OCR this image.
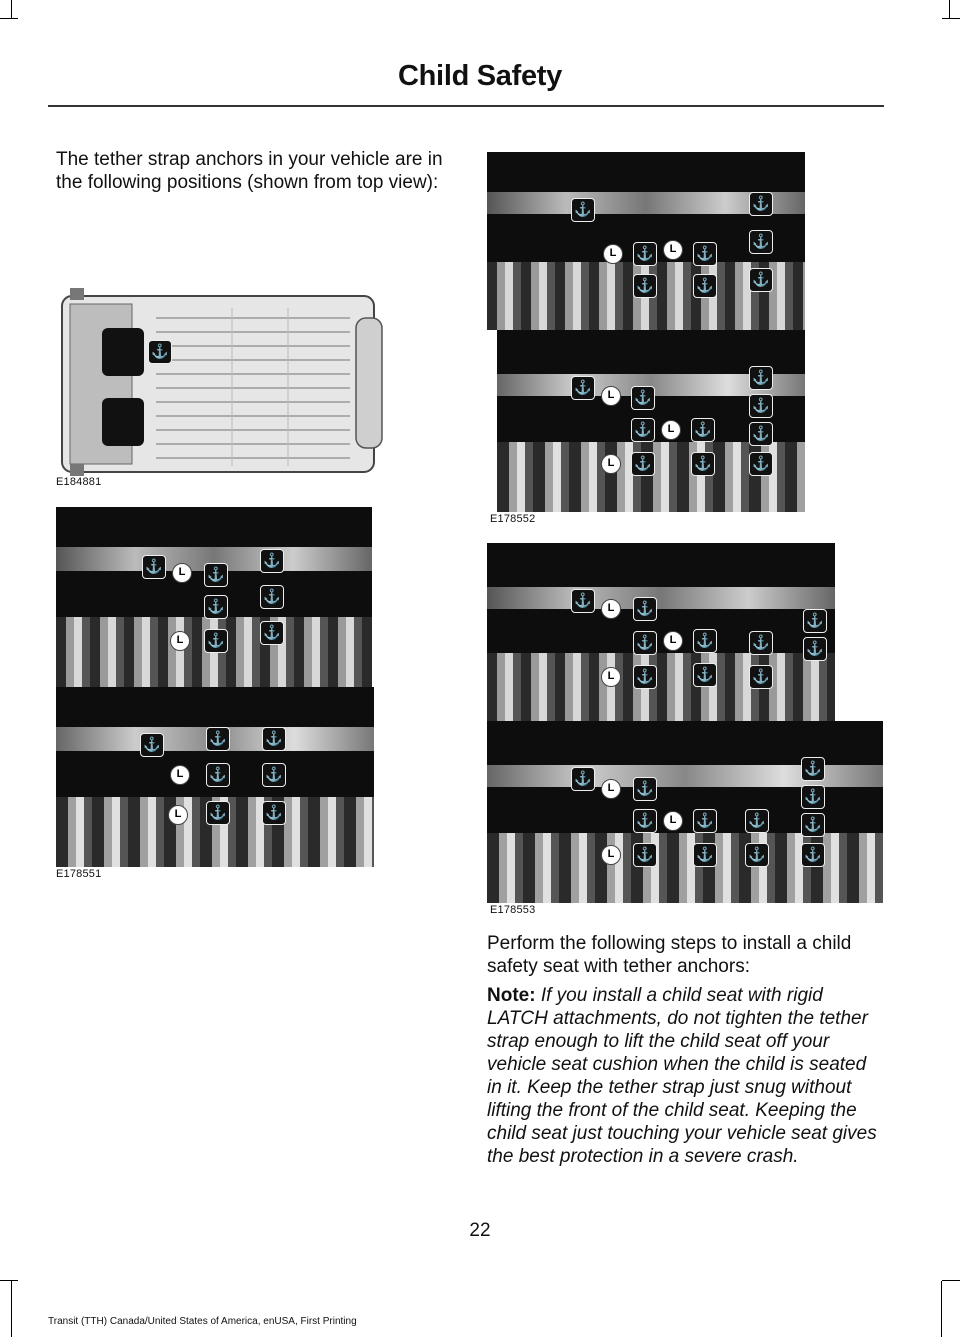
Child Safety

The tether strap anchors in your vehicle are in the following positions (shown from top view):

⚓
E184881
⚓	L	⚓
⚓
⚓
⚓
L	⚓	⚓
⚓	⚓	⚓
L	⚓	⚓
L	⚓	⚓
E178551
⚓	⚓
L	⚓	L	⚓
⚓
⚓	⚓	⚓
⚓	L	⚓
⚓
⚓
⚓	L	⚓	⚓
L	⚓	⚓	⚓
E178552
⚓	L	⚓
⚓
⚓	L	⚓	⚓	⚓
L	⚓	⚓	⚓
⚓
L	⚓
⚓
⚓
⚓	L	⚓ ⚓	⚓
L	⚓	⚓ ⚓	⚓
E178553

Perform the following steps to install a child safety seat with tether anchors:

Note: If you install a child seat with rigid LATCH attachments, do not tighten the tether strap enough to lift the child seat off your vehicle seat cushion when the child is seated in it. Keep the tether strap just snug without lifting the front of the child seat. Keeping the child seat just touching your vehicle seat gives the best protection in a severe crash.

22
Transit (TTH) Canada/United States of America, enUSA, First Printing
